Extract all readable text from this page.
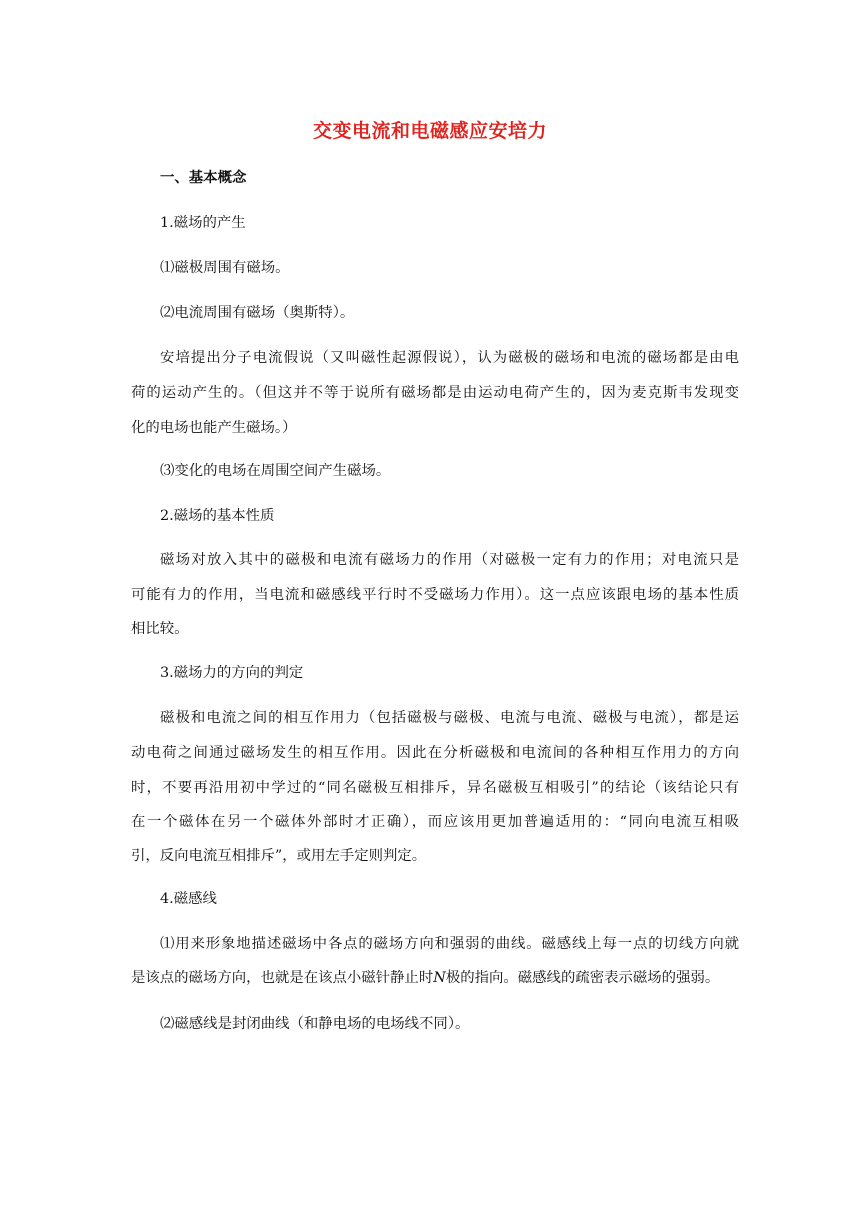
交变电流和电磁感应安培力
一、基本概念
1.磁场的产生
⑴磁极周围有磁场。
⑵电流周围有磁场（奥斯特）。
安培提出分子电流假说（又叫磁性起源假说），认为磁极的磁场和电流的磁场都是由电
荷的运动产生的。（但这并不等于说所有磁场都是由运动电荷产生的，因为麦克斯韦发现变
化的电场也能产生磁场。）
⑶变化的电场在周围空间产生磁场。
2.磁场的基本性质
磁场对放入其中的磁极和电流有磁场力的作用（对磁极一定有力的作用；对电流只是
可能有力的作用，当电流和磁感线平行时不受磁场力作用）。这一点应该跟电场的基本性质
相比较。
3.磁场力的方向的判定
磁极和电流之间的相互作用力（包括磁极与磁极、电流与电流、磁极与电流），都是运
动电荷之间通过磁场发生的相互作用。因此在分析磁极和电流间的各种相互作用力的方向
时，不要再沿用初中学过的“同名磁极互相排斥，异名磁极互相吸引”的结论（该结论只有
在一个磁体在另一个磁体外部时才正确），而应该用更加普遍适用的：“同向电流互相吸
引，反向电流互相排斥”，或用左手定则判定。
4.磁感线
⑴用来形象地描述磁场中各点的磁场方向和强弱的曲线。磁感线上每一点的切线方向就
是该点的磁场方向，也就是在该点小磁针静止时N极的指向。磁感线的疏密表示磁场的强弱。
⑵磁感线是封闭曲线（和静电场的电场线不同）。
